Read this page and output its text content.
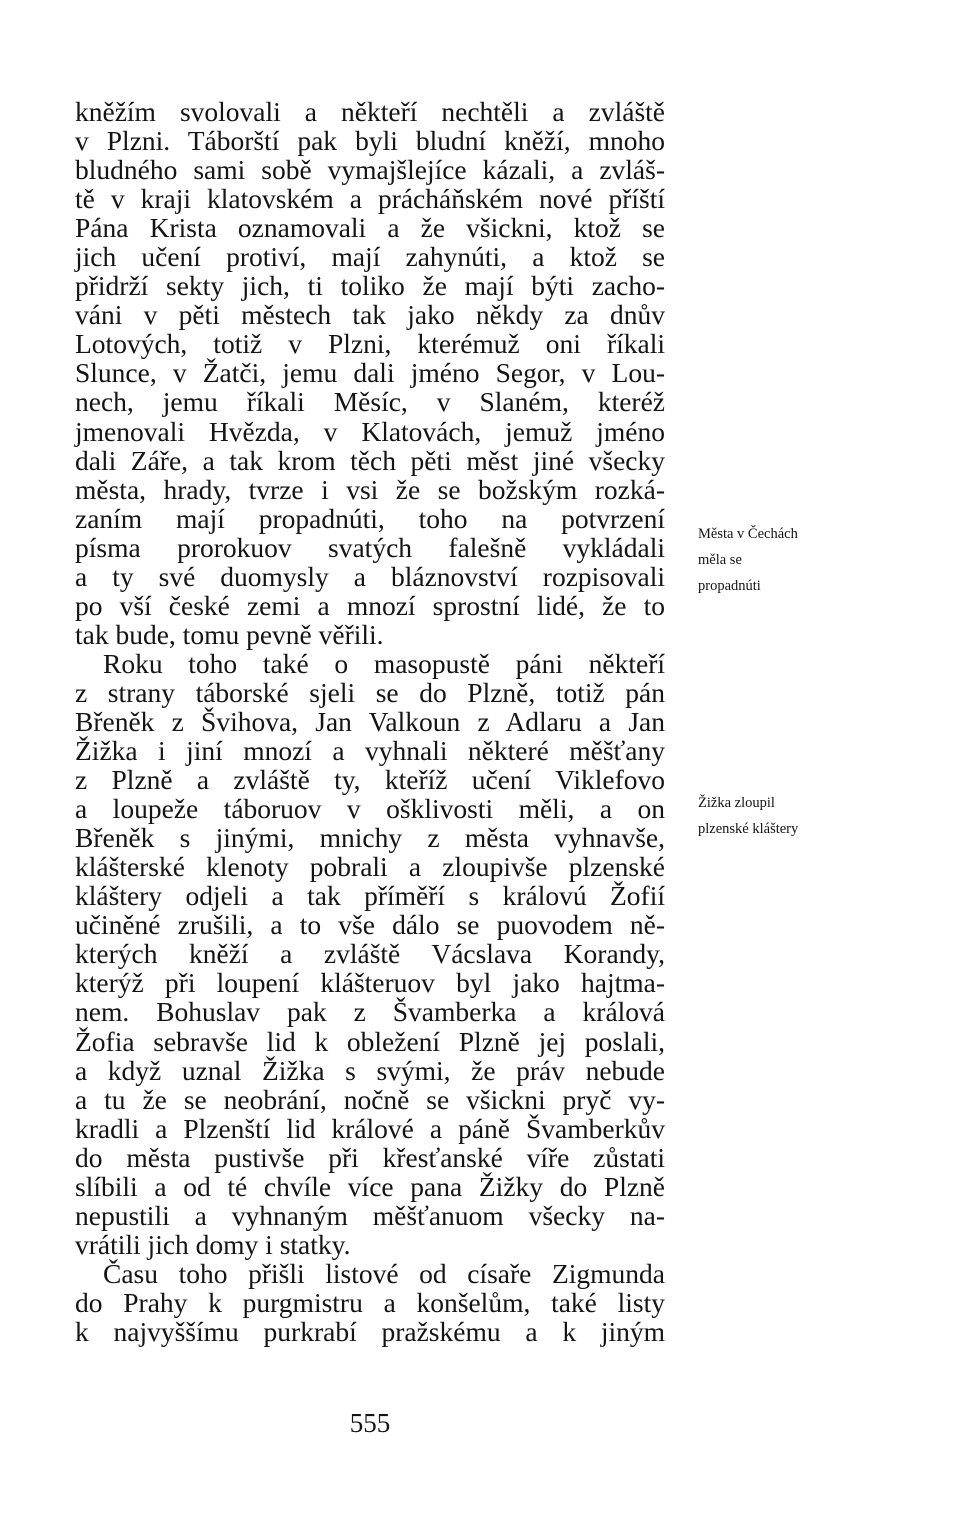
kněžím svolovali a někteří nechtěli a zvláště
v Plzni. Táborští pak byli bludní kněží, mnoho
bludného sami sobě vymajšlejíce kázali, a zvláš-
tě v kraji klatovském a prácháňském nové příští
Pána Krista oznamovali a že všickni, ktož se
jich učení protiví, mají zahynúti, a ktož se
přidrží sekty jich, ti toliko že mají býti zacho-
váni v pěti městech tak jako někdy za dnův
Lotových, totiž v Plzni, kterémuž oni říkali
Slunce, v Žatči, jemu dali jméno Segor, v Lou-
nech, jemu říkali Měsíc, v Slaném, kteréž
jmenovali Hvězda, v Klatovách, jemuž jméno
dali Záře, a tak krom těch pěti měst jiné všecky
města, hrady, tvrze i vsi že se božským rozká-
zaním mají propadnúti, toho na potvrzení
písma prorokuov svatých falešně vykládali
a ty své duomysly a bláznovství rozpisovali
po vší české zemi a mnozí sprostní lidé, že to
tak bude, tomu pevně věřili.
Roku toho také o masopustě páni někteří
z strany táborské sjeli se do Plzně, totiž pán
Břeněk z Švihova, Jan Valkoun z Adlaru a Jan
Žižka i jiní mnozí a vyhnali některé měšťany
z Plzně a zvláště ty, kteříž učení Viklefovo
a loupeže táboruov v ošklivosti měli, a on
Břeněk s jinými, mnichy z města vyhnavše,
klášterské klenoty pobrali a zloupivše plzenské
kláštery odjeli a tak příměří s královú Žofií
učiněné zrušili, a to vše dálo se puovodem ně-
kterých kněží a zvláště Vácslava Korandy,
kterýž při loupení klášteruov byl jako hajtma-
nem. Bohuslav pak z Švamberka a králová
Žofia sebravše lid k obležení Plzně jej poslali,
a když uznal Žižka s svými, že práv nebude
a tu že se neobrání, nočně se všickni pryč vy-
kradli a Plzenští lid králové a páně Švamberkův
do města pustivše při křesťanské víře zůstati
slíbili a od té chvíle více pana Žižky do Plzně
nepustili a vyhnaným měšťanuom všecky na-
vrátili jich domy i statky.
Času toho přišli listové od císaře Zigmunda
do Prahy k purgmistru a konšelům, také listy
k najvyššímu purkrabí pražskému a k jiným
Města v Čechách
měla se
propadnúti
Žižka zloupil
plzenské kláštery
555
